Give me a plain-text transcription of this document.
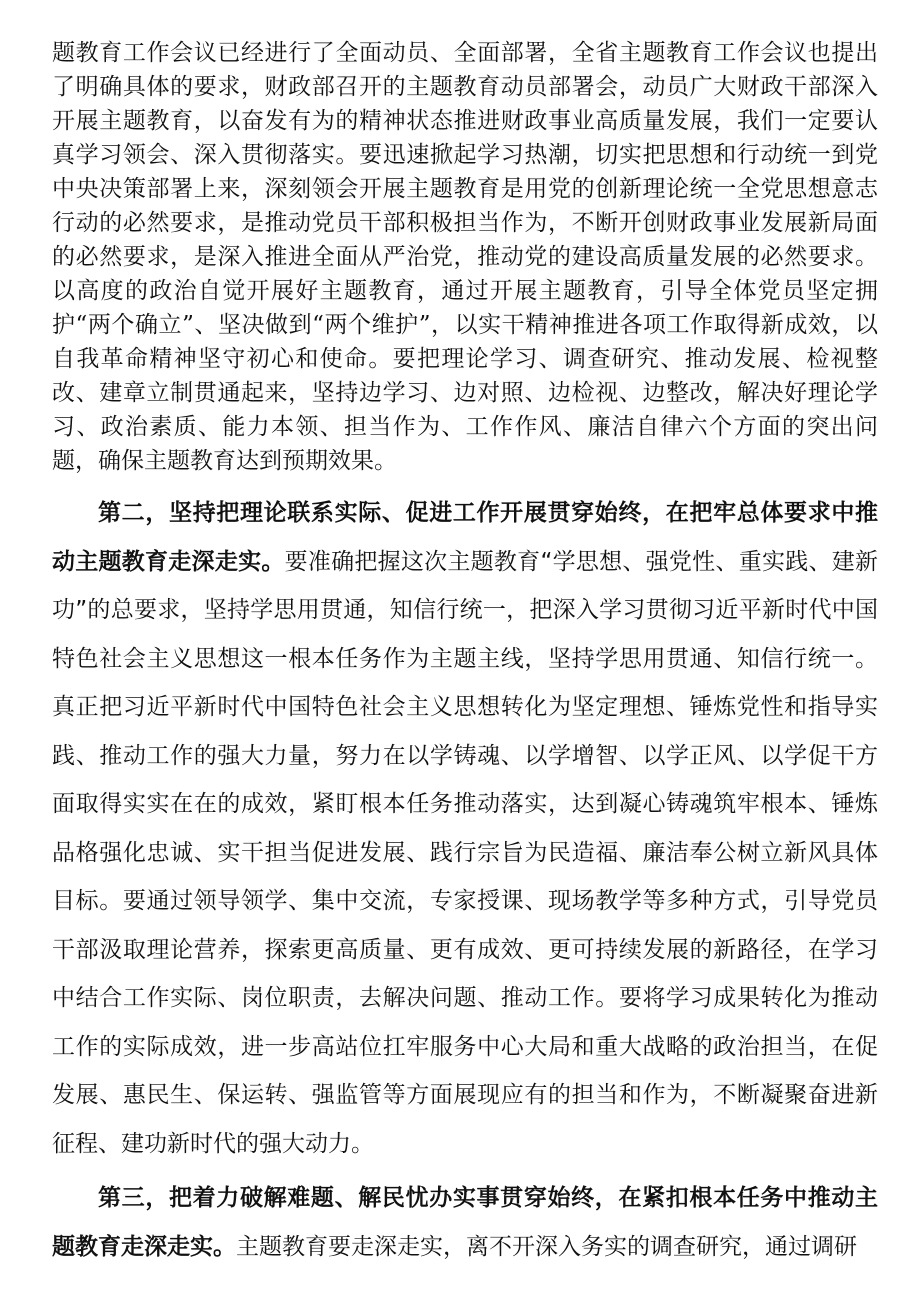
题教育工作会议已经进行了全面动员、全面部署，全省主题教育工作会议也提出了明确具体的要求，财政部召开的主题教育动员部署会，动员广大财政干部深入开展主题教育，以奋发有为的精神状态推进财政事业高质量发展，我们一定要认真学习领会、深入贯彻落实。要迅速掀起学习热潮，切实把思想和行动统一到党中央决策部署上来，深刻领会开展主题教育是用党的创新理论统一全党思想意志行动的必然要求，是推动党员干部积极担当作为，不断开创财政事业发展新局面的必然要求，是深入推进全面从严治党，推动党的建设高质量发展的必然要求。以高度的政治自觉开展好主题教育，通过开展主题教育，引导全体党员坚定拥护“两个确立”、坚决做到“两个维护”，以实干精神推进各项工作取得新成效，以自我革命精神坚守初心和使命。要把理论学习、调查研究、推动发展、检视整改、建章立制贯通起来，坚持边学习、边对照、边检视、边整改，解决好理论学习、政治素质、能力本领、担当作为、工作作风、廉洁自律六个方面的突出问题，确保主题教育达到预期效果。

第二，坚持把理论联系实际、促进工作开展贯穿始终，在把牢总体要求中推动主题教育走深走实。要准确把握这次主题教育“学思想、强党性、重实践、建新功”的总要求，坚持学思用贯通，知信行统一，把深入学习贯彻习近平新时代中国特色社会主义思想这一根本任务作为主题主线，坚持学思用贯通、知信行统一。真正把习近平新时代中国特色社会主义思想转化为坚定理想、锤炼党性和指导实践、推动工作的强大力量，努力在以学铸魂、以学增智、以学正风、以学促干方面取得实实在在的成效，紧盯根本任务推动落实，达到凝心铸魂筑牢根本、锤炼品格强化忠诚、实干担当促进发展、践行宗旨为民造福、廉洁奉公树立新风具体目标。要通过领导领学、集中交流，专家授课、现场教学等多种方式，引导党员干部汲取理论营养，探索更高质量、更有成效、更可持续发展的新路径，在学习中结合工作实际、岗位职责，去解决问题、推动工作。要将学习成果转化为推动工作的实际成效，进一步高站位扛牢服务中心大局和重大战略的政治担当，在促发展、惠民生、保运转、强监管等方面展现应有的担当和作为，不断凝聚奋进新征程、建功新时代的强大动力。

第三，把着力破解难题、解民忧办实事贯穿始终，在紧扣根本任务中推动主题教育走深走实。主题教育要走深走实，离不开深入务实的调查研究，通过调研
